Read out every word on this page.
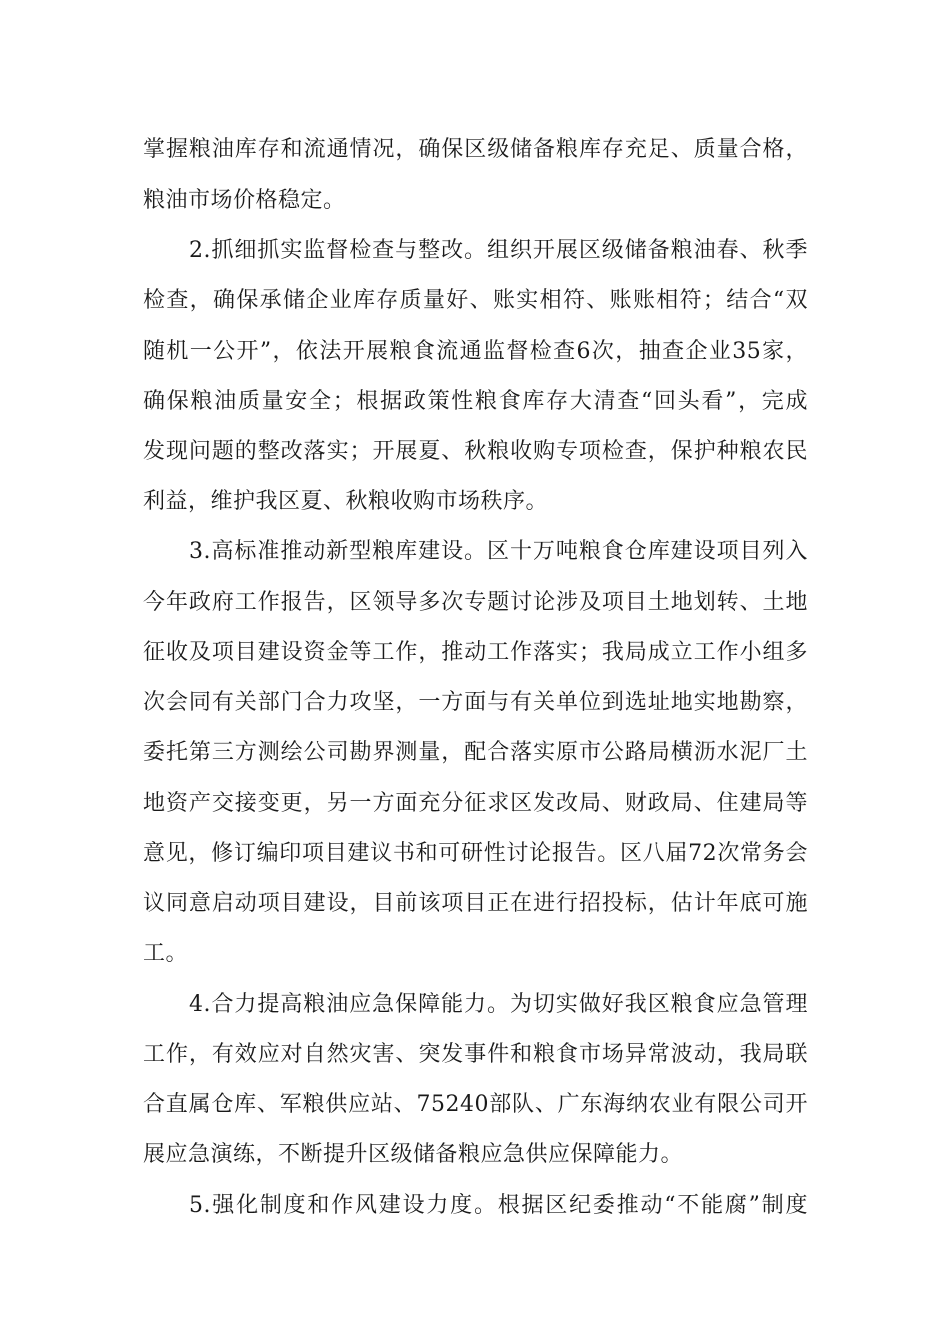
掌握粮油库存和流通情况，确保区级储备粮库存充足、质量合格，
粮油市场价格稳定。
2.抓细抓实监督检查与整改。组织开展区级储备粮油春、秋季
检查，确保承储企业库存质量好、账实相符、账账相符；结合“双
随机一公开”，依法开展粮食流通监督检查6次，抽查企业35家，
确保粮油质量安全；根据政策性粮食库存大清查“回头看”，完成
发现问题的整改落实；开展夏、秋粮收购专项检查，保护种粮农民
利益，维护我区夏、秋粮收购市场秩序。
3.高标准推动新型粮库建设。区十万吨粮食仓库建设项目列入
今年政府工作报告，区领导多次专题讨论涉及项目土地划转、土地
征收及项目建设资金等工作，推动工作落实；我局成立工作小组多
次会同有关部门合力攻坚，一方面与有关单位到选址地实地勘察，
委托第三方测绘公司勘界测量，配合落实原市公路局横沥水泥厂土
地资产交接变更，另一方面充分征求区发改局、财政局、住建局等
意见，修订编印项目建议书和可研性讨论报告。区八届72次常务会
议同意启动项目建设，目前该项目正在进行招投标，估计年底可施
工。
4.合力提高粮油应急保障能力。为切实做好我区粮食应急管理
工作，有效应对自然灾害、突发事件和粮食市场异常波动，我局联
合直属仓库、军粮供应站、75240部队、广东海纳农业有限公司开
展应急演练，不断提升区级储备粮应急供应保障能力。
5.强化制度和作风建设力度。根据区纪委推动“不能腐”制度
